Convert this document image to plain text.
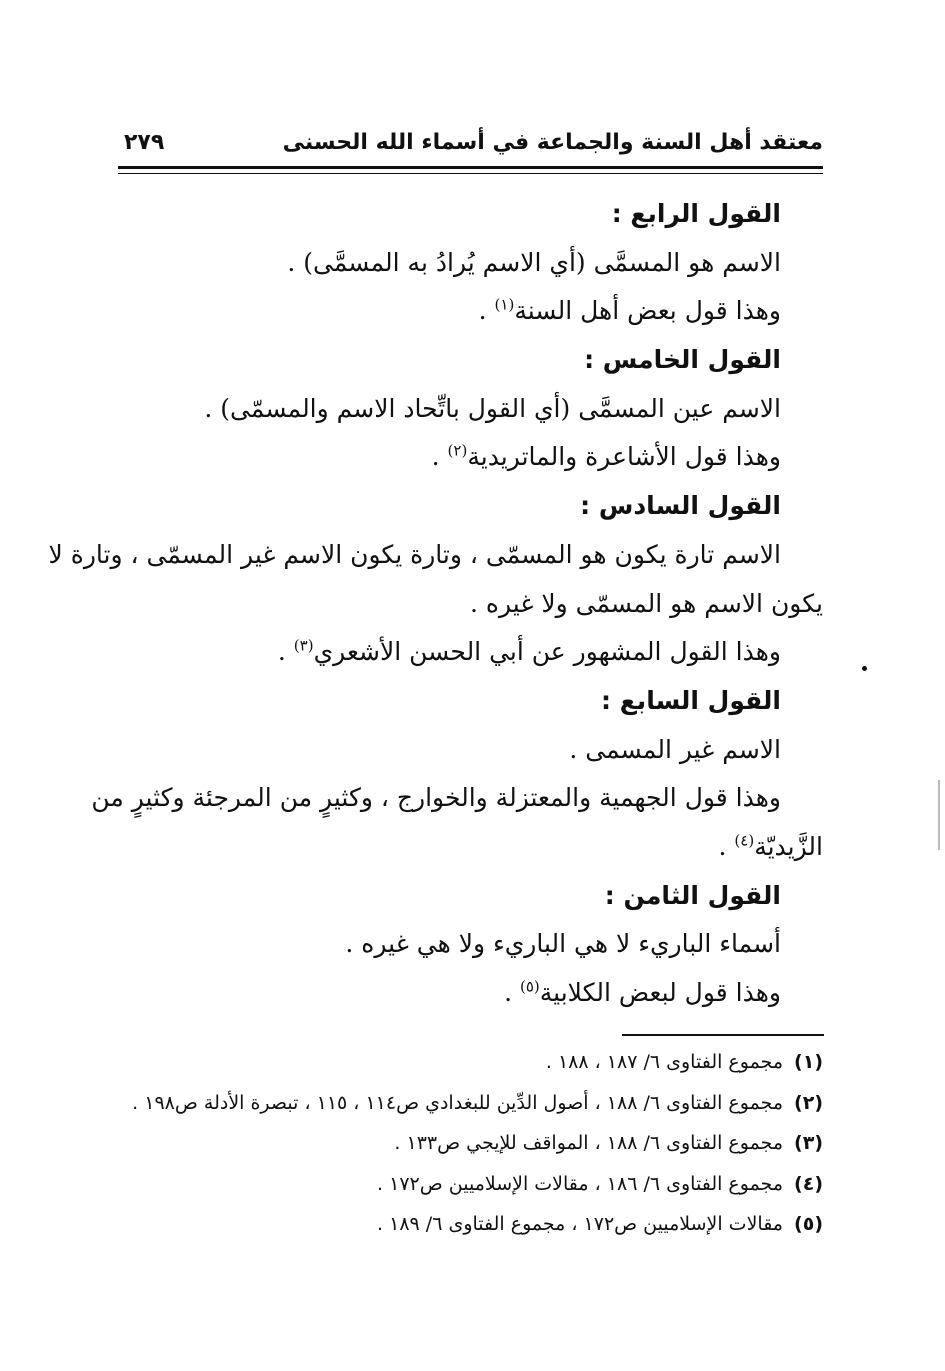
معتقد أهل السنة والجماعة في أسماء الله الحسنى
٢٧٩
القول الرابع :
الاسم هو المسمَّى (أي الاسم يُرادُ به المسمَّى) .
وهذا قول بعض أهل السنة$^{(١)}$ .
القول الخامس :
الاسم عين المسمَّى (أي القول باتِّحاد الاسم والمسمّى) .
وهذا قول الأشاعرة والماتريدية$^{(٢)}$ .
القول السادس :
الاسم تارة يكون هو المسمّى ، وتارة يكون الاسم غير المسمّى ، وتارة لا
يكون الاسم هو المسمّى ولا غيره .
وهذا القول المشهور عن أبي الحسن الأشعري$^{(٣)}$ .
القول السابع :
الاسم غير المسمى .
وهذا قول الجهمية والمعتزلة والخوارج ، وكثيرٍ من المرجئة وكثيرٍ من
الزَّيديّة$^{(٤)}$ .
القول الثامن :
أسماء الباريء لا هي الباريء ولا هي غيره .
وهذا قول لبعض الكلابية$^{(٥)}$ .
(١)مجموع الفتاوى ٦/ ١٨٧ ، ١٨٨ .
(٢)مجموع الفتاوى ٦/ ١٨٨ ، أصول الدِّين للبغدادي ص١١٤ ، ١١٥ ، تبصرة الأدلة ص١٩٨ .
(٣)مجموع الفتاوى ٦/ ١٨٨ ، المواقف للإيجي ص١٣٣ .
(٤)مجموع الفتاوى ٦/ ١٨٦ ، مقالات الإسلاميين ص١٧٢ .
(٥)مقالات الإسلاميين ص١٧٢ ، مجموع الفتاوى ٦/ ١٨٩ .
